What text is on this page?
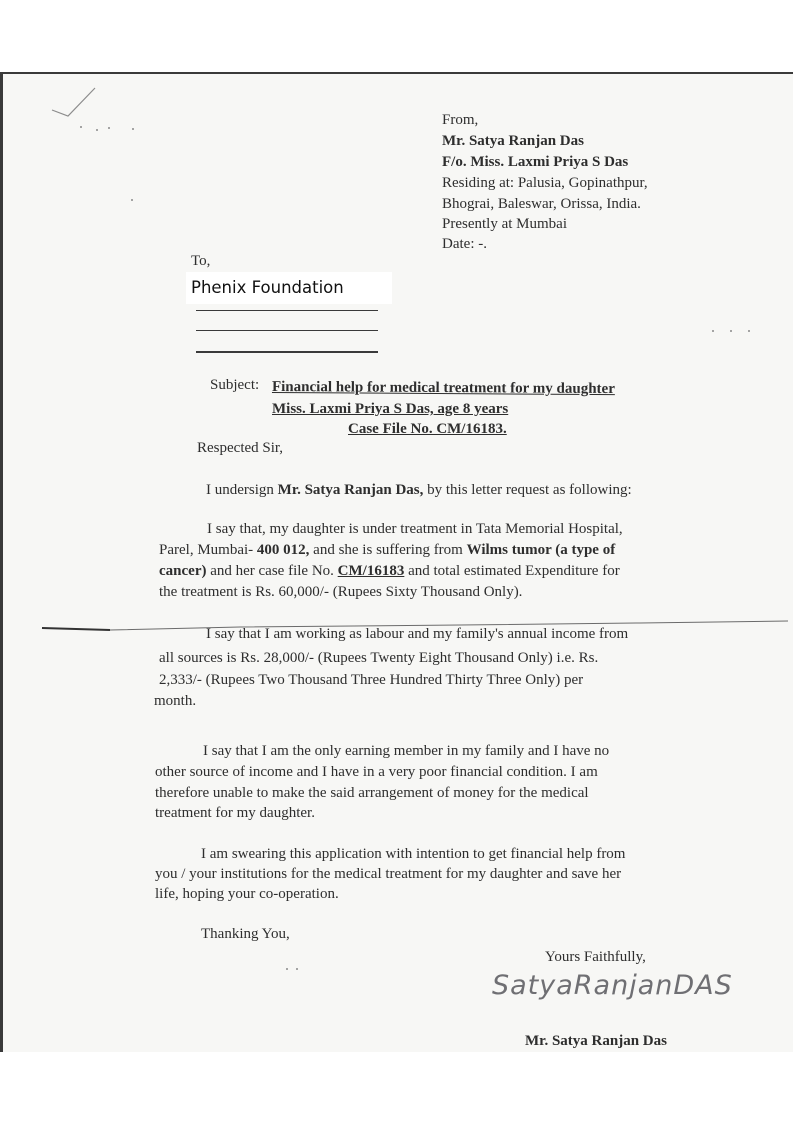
From,
Mr. Satya Ranjan Das
F/o. Miss. Laxmi Priya S Das
Residing at: Palusia, Gopinathpur,
Bhograi, Baleswar, Orissa, India.
Presently at Mumbai
Date: -.
To,
Phenix Foundation
Subject: Financial help for medical treatment for my daughter
Miss. Laxmi Priya S Das, age 8 years
Case File No. CM/16183.
Respected Sir,
I undersign Mr. Satya Ranjan Das, by this letter request as following:
I say that, my daughter is under treatment in Tata Memorial Hospital,
Parel, Mumbai- 400 012, and she is suffering from Wilms tumor (a type of
cancer) and her case file No. CM/16183 and total estimated Expenditure for
the treatment is Rs. 60,000/- (Rupees Sixty Thousand Only).
I say that I am working as labour and my family's annual income from
all sources is Rs. 28,000/- (Rupees Twenty Eight Thousand Only) i.e. Rs.
2,333/- (Rupees Two Thousand Three Hundred Thirty Three Only) per
month.
I say that I am the only earning member in my family and I have no
other source of income and I have in a very poor financial condition. I am
therefore unable to make the said arrangement of money for the medical
treatment for my daughter.
I am swearing this application with intention to get financial help from
you / your institutions for the medical treatment for my daughter and save her
life, hoping your co-operation.
Thanking You,
Yours Faithfully,
SatyaRanjanDAS
Mr. Satya Ranjan Das
